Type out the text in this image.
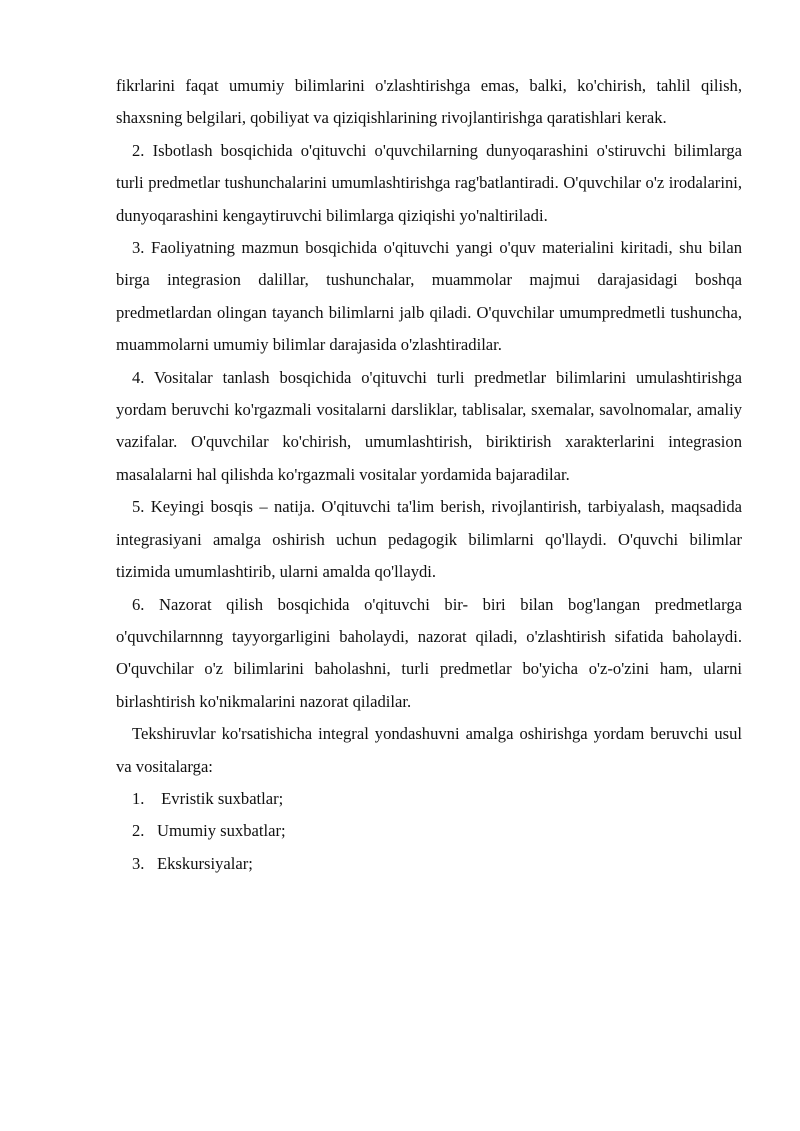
fikrlarini faqat umumiy bilimlarini o'zlashtirishga emas, balki, ko'chirish, tahlil qilish, shaxsning belgilari, qobiliyat va qiziqishlarining rivojlantirishga qaratishlari kerak.

2. Isbotlash bosqichida o'qituvchi o'quvchilarning dunyoqarashini o'stiruvchi bilimlarga turli predmetlar tushunchalarini umumlashtirishga rag'batlantiradi. O'quvchilar o'z irodalarini, dunyoqarashini kengaytiruvchi bilimlarga qiziqishi yo'naltiriladi.

3. Faoliyatning mazmun bosqichida o'qituvchi yangi o'quv materialini kiritadi, shu bilan birga integrasion dalillar, tushunchalar, muammolar majmui darajasidagi boshqa predmetlardan olingan tayanch bilimlarni jalb qiladi. O'quvchilar umumpredmetli tushuncha, muammolarni umumiy bilimlar darajasida o'zlashtiradilar.

4. Vositalar tanlash bosqichida o'qituvchi turli predmetlar bilimlarini umulashtirishga yordam beruvchi ko'rgazmali vositalarni darsliklar, tablisalar, sxemalar, savolnomalar, amaliy vazifalar. O'quvchilar ko'chirish, umumlashtirish, biriktirish xarakterlarini integrasion masalalarni hal qilishda ko'rgazmali vositalar yordamida bajaradilar.

5. Keyingi bosqis – natija. O'qituvchi ta'lim berish, rivojlantirish, tarbiyalash, maqsadida integrasiyani amalga oshirish uchun pedagogik bilimlarni qo'llaydi. O'quvchi bilimlar tizimida umumlashtirib, ularni amalda qo'llaydi.

6. Nazorat qilish bosqichida o'qituvchi bir- biri bilan bog'langan predmetlarga o'quvchilarnnng tayyorgarligini baholaydi, nazorat qiladi, o'zlashtirish sifatida baholaydi. O'quvchilar o'z bilimlarini baholashni, turli predmetlar bo'yicha o'z-o'zini ham, ularni birlashtirish ko'nikmalarini nazorat qiladilar.

Tekshiruvlar ko'rsatishicha integral yondashuvni amalga oshirishga yordam beruvchi usul va vositalarga:

1. Evristik suxbatlar;
2. Umumiy suxbatlar;
3. Ekskursiyalar;
